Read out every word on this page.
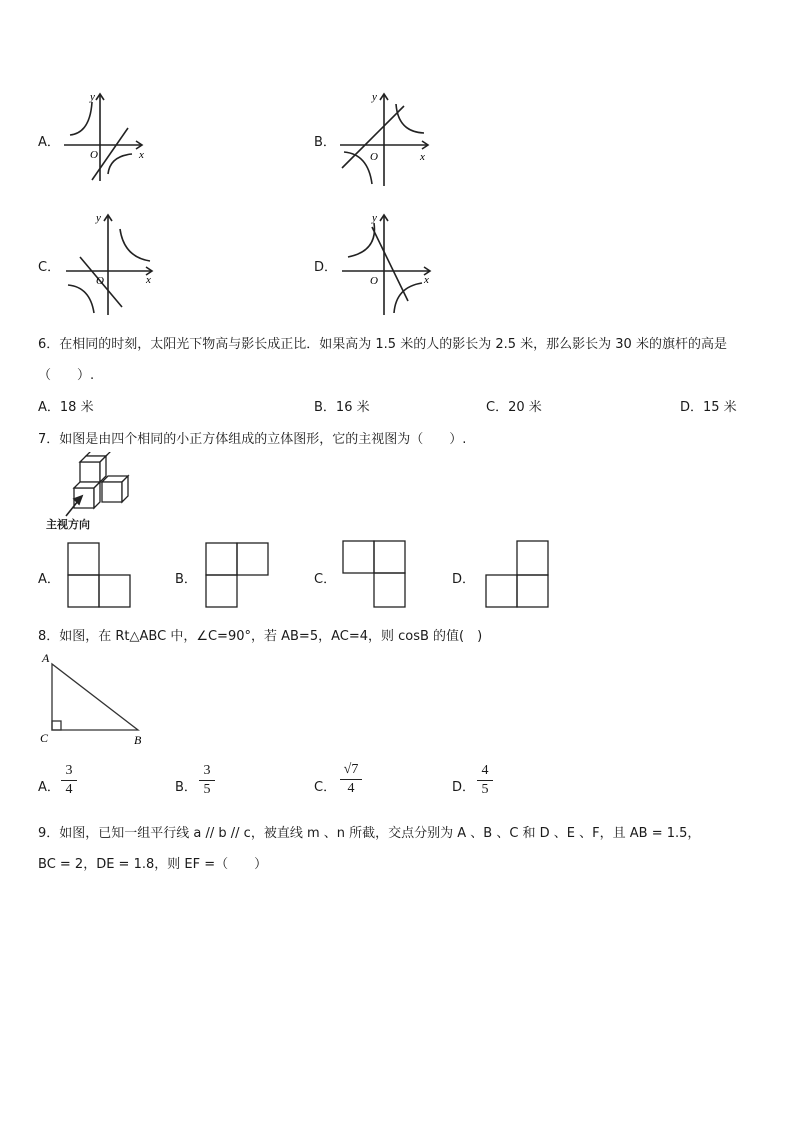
A．
y
x
O
B．
y
x
O
C．
y
x
O
D．
y
x
O
6．在相同的时刻，太阳光下物高与影长成正比．如果高为 1.5 米的人的影长为 2.5 米，那么影长为 30 米的旗杆的高是
（　　）.
A．18 米	B．16 米	C．20 米	D．15 米
7．如图是由四个相同的小正方体组成的立体图形，它的主视图为（　　）.
主视方向
A．	B．	C．	D．
8．如图，在 Rt△ABC 中，∠C=90°，若 AB=5，AC=4，则 cosB 的值(　)
A
C	B
A．
3
4	B．
3
5	C．
√7
4	D．
4
5
9．如图，已知一组平行线 a // b // c，被直线 m 、n 所截，交点分别为 A 、B 、C 和 D 、E 、F，且 AB = 1.5，
BC = 2，DE = 1.8，则 EF =（　　）
